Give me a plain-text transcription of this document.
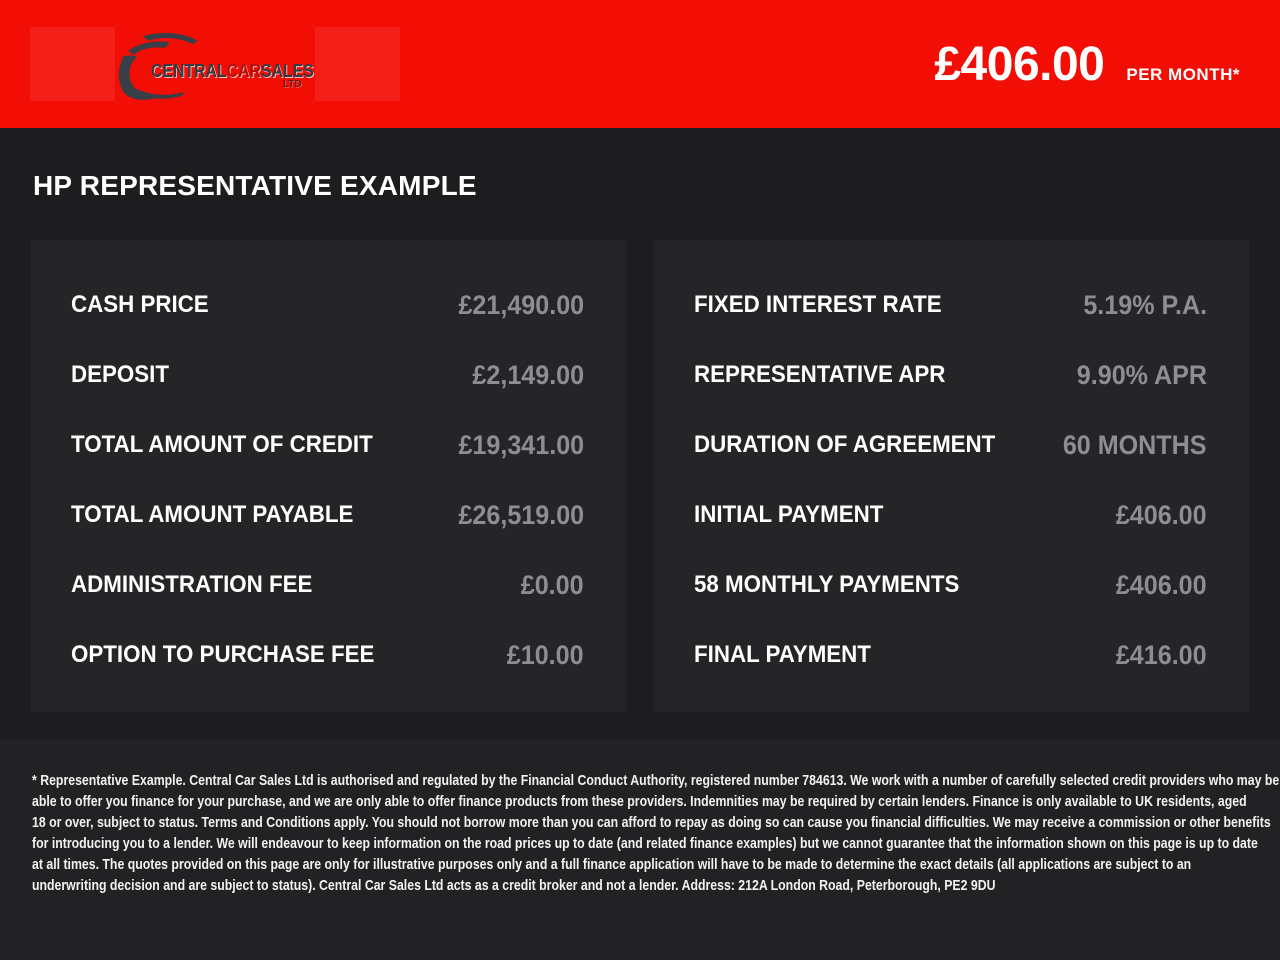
CENTRALCARSALES
LTD	£406.00 PER MONTH*
HP REPRESENTATIVE EXAMPLE
CASH PRICE	£21,490.00
DEPOSIT	£2,149.00
TOTAL AMOUNT OF CREDIT	£19,341.00
TOTAL AMOUNT PAYABLE	£26,519.00
ADMINISTRATION FEE	£0.00
OPTION TO PURCHASE FEE	£10.00
FIXED INTEREST RATE	5.19% P.A.
REPRESENTATIVE APR	9.90% APR
DURATION OF AGREEMENT	60 MONTHS
INITIAL PAYMENT	£406.00
58 MONTHLY PAYMENTS	£406.00
FINAL PAYMENT	£416.00
* Representative Example. Central Car Sales Ltd is authorised and regulated by the Financial Conduct Authority, registered number 784613. We work with a number of carefully selected credit providers who may be
able to offer you finance for your purchase, and we are only able to offer finance products from these providers. Indemnities may be required by certain lenders. Finance is only available to UK residents, aged
18 or over, subject to status. Terms and Conditions apply. You should not borrow more than you can afford to repay as doing so can cause you financial difficulties. We may receive a commission or other benefits
for introducing you to a lender. We will endeavour to keep information on the road prices up to date (and related finance examples) but we cannot guarantee that the information shown on this page is up to date
at all times. The quotes provided on this page are only for illustrative purposes only and a full finance application will have to be made to determine the exact details (all applications are subject to an
underwriting decision and are subject to status). Central Car Sales Ltd acts as a credit broker and not a lender. Address: 212A London Road, Peterborough, PE2 9DU
